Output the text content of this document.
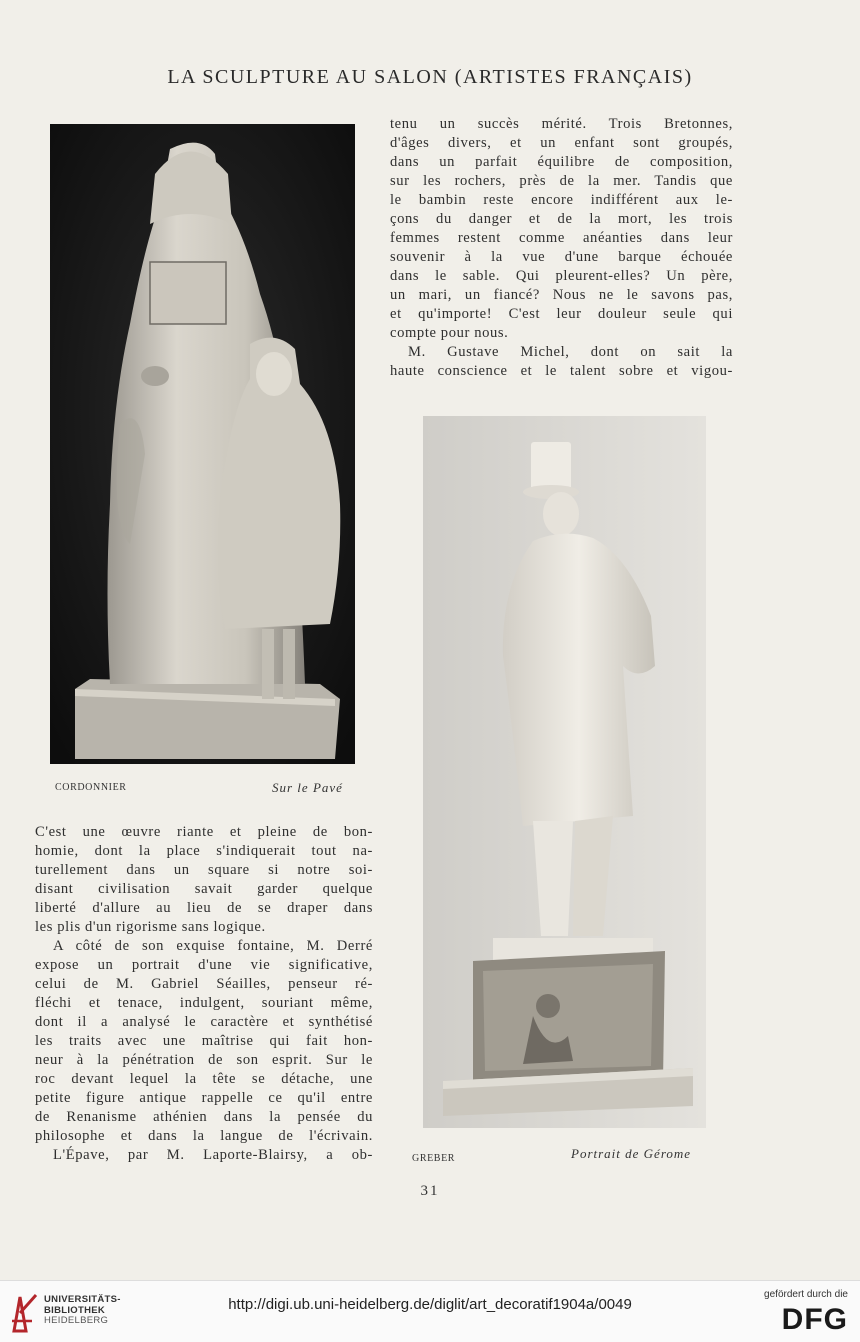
LA SCULPTURE AU SALON (ARTISTES FRANÇAIS)
CORDONNIER	Sur le Pavé
tenu un succès mérité. Trois Bretonnes,
d'âges divers, et un enfant sont groupés,
dans un parfait équilibre de composition,
sur les rochers, près de la mer. Tandis que
le bambin reste encore indifférent aux le-
çons du danger et de la mort, les trois
femmes restent comme anéanties dans leur
souvenir à la vue d'une barque échouée
dans le sable. Qui pleurent-elles? Un père,
un mari, un fiancé? Nous ne le savons pas,
et qu'importe! C'est leur douleur seule qui
compte pour nous.
M. Gustave Michel, dont on sait la
haute conscience et le talent sobre et vigou-
GREBER	Portrait de Gérome
C'est une œuvre riante et pleine de bon-
homie, dont la place s'indiquerait tout na-
turellement dans un square si notre soi-
disant civilisation savait garder quelque
liberté d'allure au lieu de se draper dans
les plis d'un rigorisme sans logique.
A côté de son exquise fontaine, M. Derré
expose un portrait d'une vie significative,
celui de M. Gabriel Séailles, penseur ré-
fléchi et tenace, indulgent, souriant même,
dont il a analysé le caractère et synthétisé
les traits avec une maîtrise qui fait hon-
neur à la pénétration de son esprit. Sur le
roc devant lequel la tête se détache, une
petite figure antique rappelle ce qu'il entre
de Renanisme athénien dans la pensée du
philosophe et dans la langue de l'écrivain.
L'Épave, par M. Laporte-Blairsy, a ob-
31
UNIVERSITÄTS-
BIBLIOTHEK
HEIDELBERG
http://digi.ub.uni-heidelberg.de/diglit/art_decoratif1904a/0049
gefördert durch die
DFG
